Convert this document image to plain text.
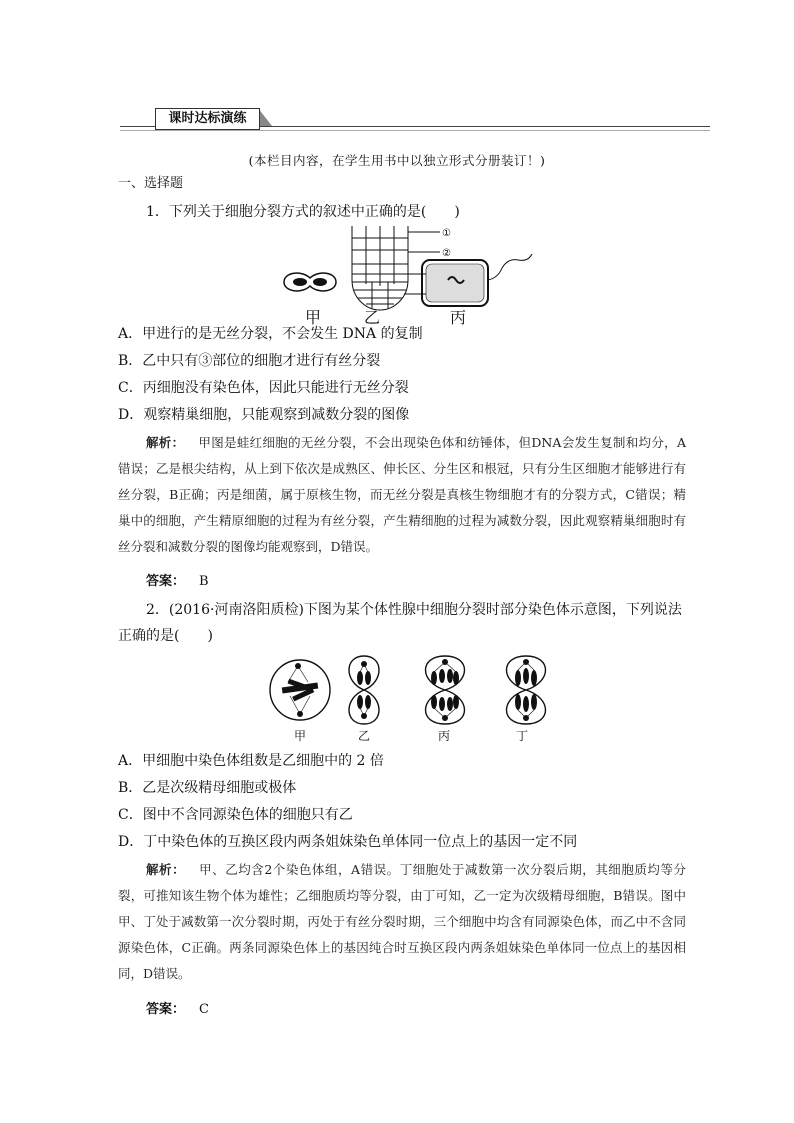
课时达标演练
(本栏目内容，在学生用书中以独立形式分册装订！)
一、选择题
1．下列关于细胞分裂方式的叙述中正确的是(　　)
①
②
甲	乙	丙
A．甲进行的是无丝分裂，不会发生 DNA 的复制
B．乙中只有③部位的细胞才进行有丝分裂
C．丙细胞没有染色体，因此只能进行无丝分裂
D．观察精巢细胞，只能观察到减数分裂的图像
解析： 甲图是蛙红细胞的无丝分裂，不会出现染色体和纺锤体，但DNA会发生复制和均分，A错误；乙是根尖结构，从上到下依次是成熟区、伸长区、分生区和根冠，只有分生区细胞才能够进行有丝分裂，B正确；丙是细菌，属于原核生物，而无丝分裂是真核生物细胞才有的分裂方式，C错误；精巢中的细胞，产生精原细胞的过程为有丝分裂，产生精细胞的过程为减数分裂，因此观察精巢细胞时有丝分裂和减数分裂的图像均能观察到，D错误。
答案： B
2．(2016·河南洛阳质检)下图为某个体性腺中细胞分裂时部分染色体示意图，下列说法
正确的是(　　)
甲	乙	丙	丁
A．甲细胞中染色体组数是乙细胞中的 2 倍
B．乙是次级精母细胞或极体
C．图中不含同源染色体的细胞只有乙
D．丁中染色体的互换区段内两条姐妹染色单体同一位点上的基因一定不同
解析： 甲、乙均含2个染色体组，A错误。丁细胞处于减数第一次分裂后期，其细胞质均等分裂，可推知该生物个体为雄性；乙细胞质均等分裂，由丁可知，乙一定为次级精母细胞，B错误。图中甲、丁处于减数第一次分裂时期，丙处于有丝分裂时期，三个细胞中均含有同源染色体，而乙中不含同源染色体，C正确。两条同源染色体上的基因纯合时互换区段内两条姐妹染色单体同一位点上的基因相同，D错误。
答案： C
